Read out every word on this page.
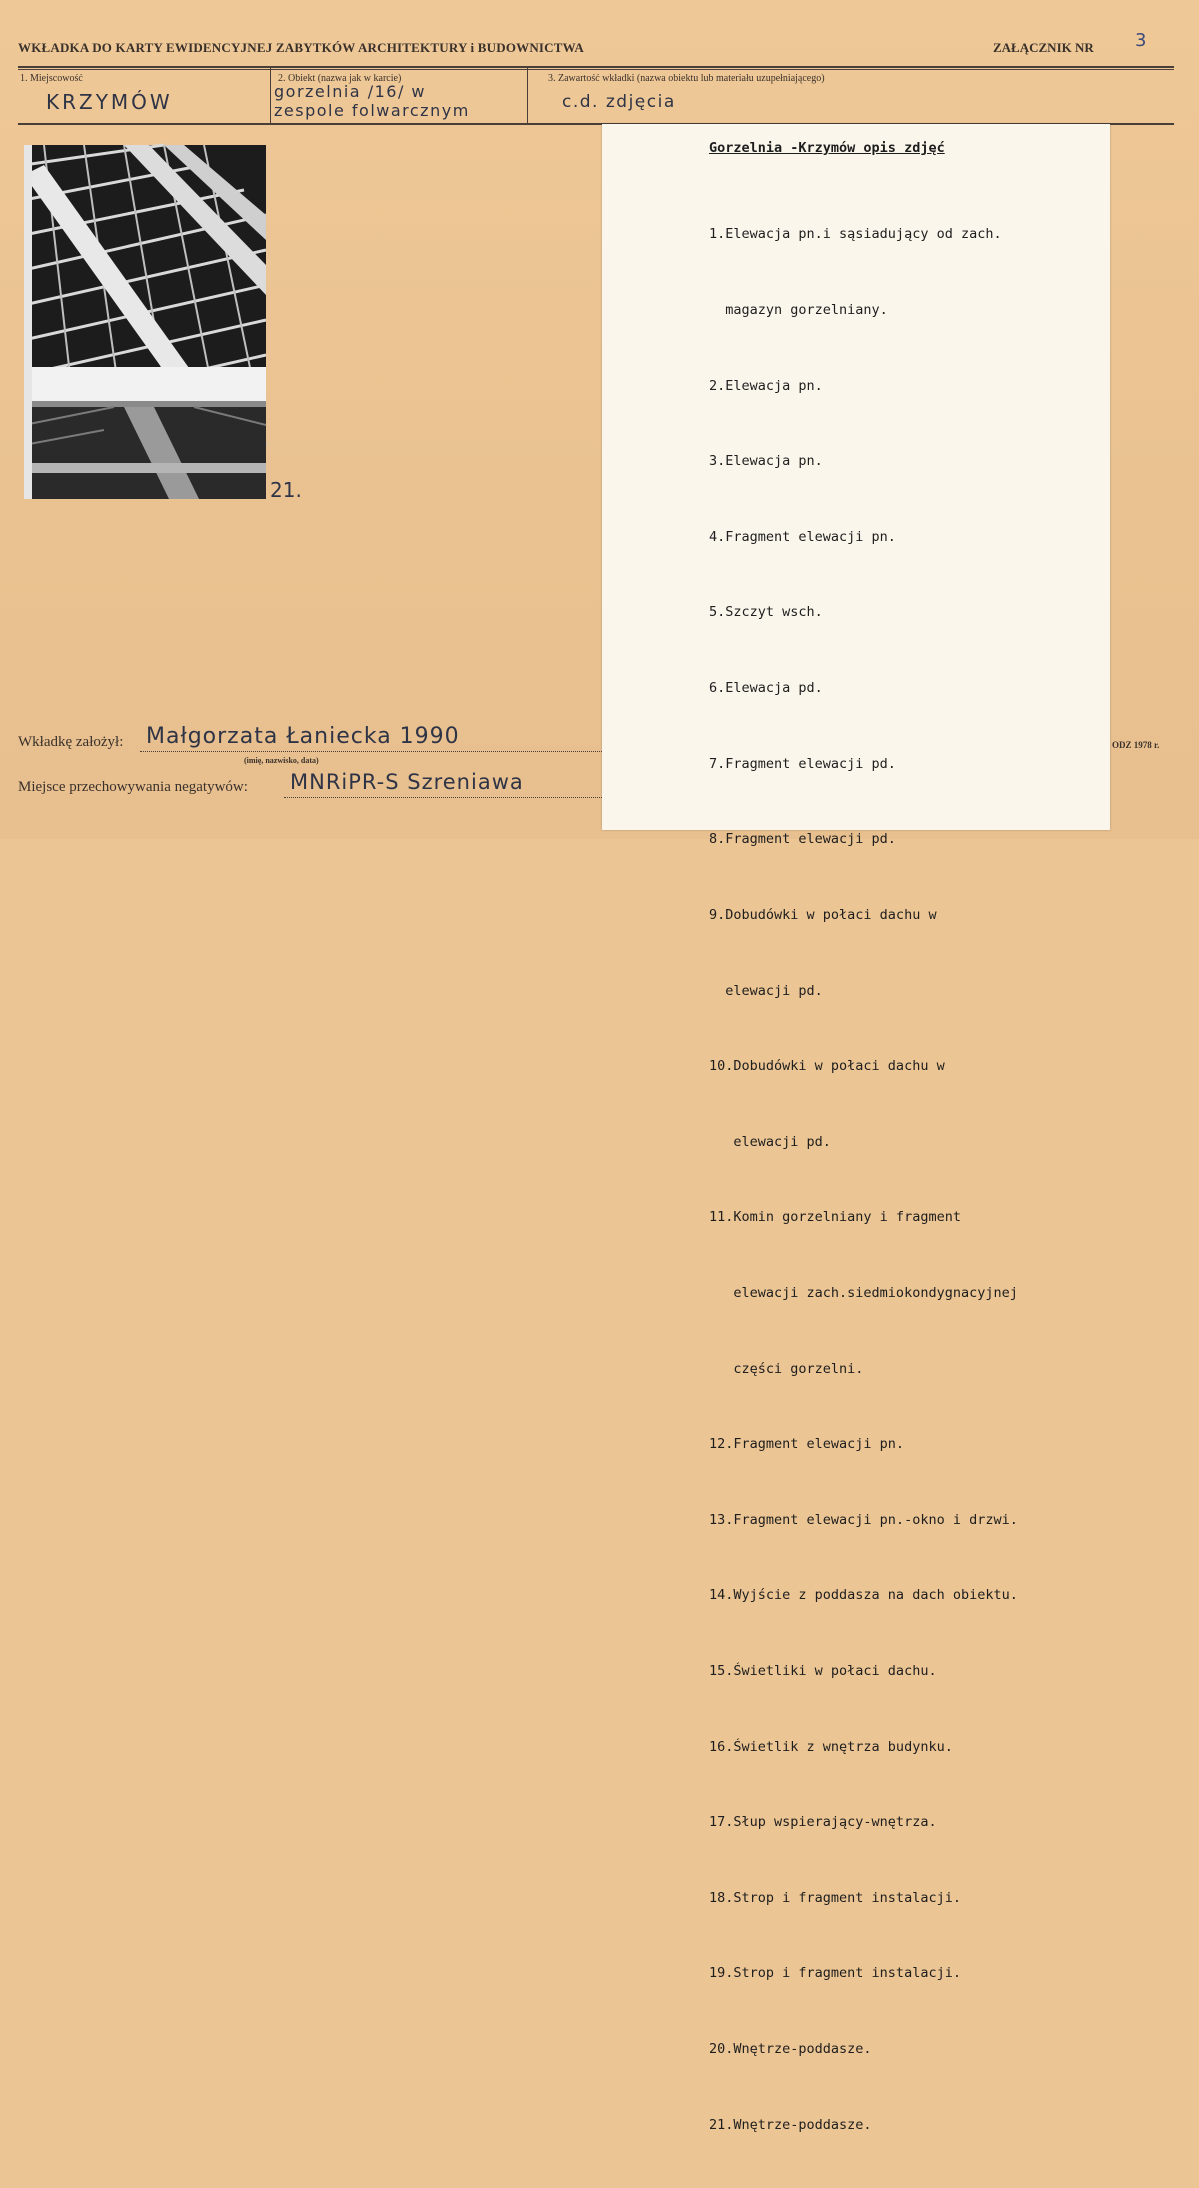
WKŁADKA DO KARTY EWIDENCYJNEJ ZABYTKÓW ARCHITEKTURY i BUDOWNICTWA	ZAŁĄCZNIK NR 3
1. Miejscowość
KRZYMÓW
2. Obiekt (nazwa jak w karcie)
gorzelnia /16/ w
zespole folwarcznym
3. Zawartość wkładki (nazwa obiektu lub materiału uzupełniającego)
c.d. zdjęcia
21.
Gorzelnia -Krzymów opis zdjęć

1.Elewacja pn.i sąsiadujący od zach.

magazyn gorzelniany.

2.Elewacja pn.

3.Elewacja pn.

4.Fragment elewacji pn.

5.Szczyt wsch.

6.Elewacja pd.

7.Fragment elewacji pd.

8.Fragment elewacji pd.

9.Dobudówki w połaci dachu w

elewacji pd.

10.Dobudówki w połaci dachu w

elewacji pd.

11.Komin gorzelniany i fragment

elewacji zach.siedmiokondygnacyjnej

części gorzelni.

12.Fragment elewacji pn.

13.Fragment elewacji pn.-okno i drzwi.

14.Wyjście z poddasza na dach obiektu.

15.Świetliki w połaci dachu.

16.Świetlik z wnętrza budynku.

17.Słup wspierający-wnętrza.

18.Strop i fragment instalacji.

19.Strop i fragment instalacji.

20.Wnętrze-poddasze.

21.Wnętrze-poddasze.

Wkładkę założył: Małgorzata Łaniecka 1990
(imię, nazwisko, data)
Miejsce przechowywania negatywów: MNRiPR-S Szreniawa
ODZ 1978 r.
